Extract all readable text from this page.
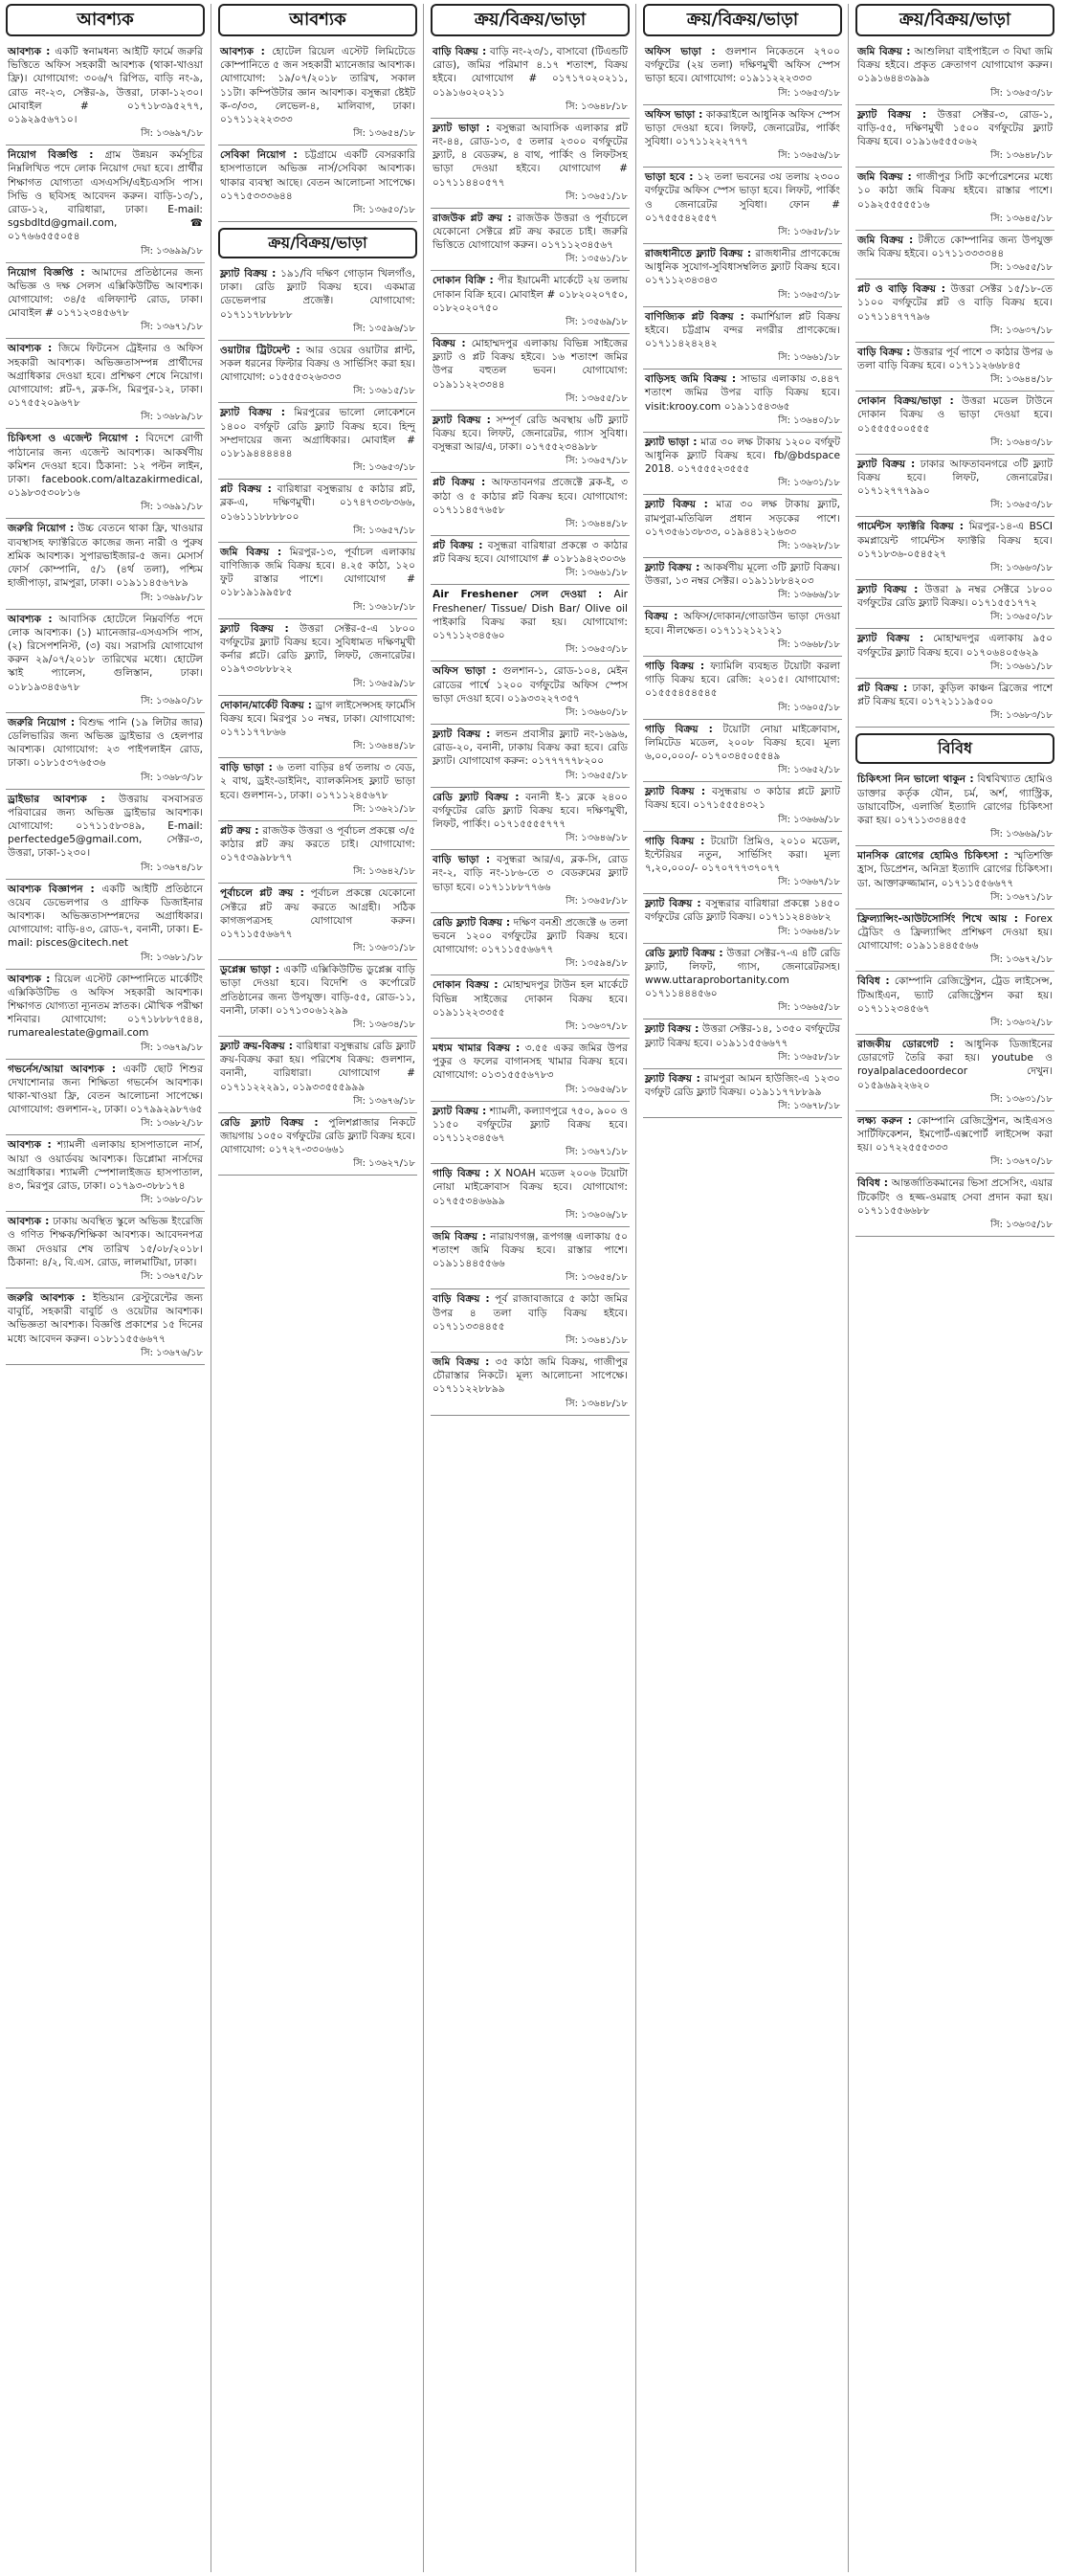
আবশ্যক
আবশ্যক : একটি স্বনামধন্য আইটি ফার্মে জরুরি ভিত্তিতে অফিস সহকারী আবশ্যক (থাকা-খাওয়া ফ্রি)। যোগাযোগ: ৩০৬/৭ রিপিড, বাড়ি নং-৯, রোড নং-২৩, সেক্টর-৯, উত্তরা, ঢাকা-১২৩০। মোবাইল # ০১৭১৮৩৯৫২৭৭, ০১৯২৯৫৬৭১০।
সি: ১৩৬৯৭/১৮
নিয়োগ বিজ্ঞপ্তি : গ্রাম উন্নয়ন কর্মসূচির নিম্নলিখিত পদে লোক নিয়োগ দেয়া হবে। প্রার্থীর শিক্ষাগত যোগ্যতা এসএসসি/এইচএসসি পাস। সিভি ও ছবিসহ আবেদন করুন। বাড়ি-১৩/১, রোড-১২, বারিধারা, ঢাকা। E-mail: sgsbdltd@gmail.com, ☎ ০১৭৬৬৫৫৫০৫৪
সি: ১৩৬৯৯/১৮
নিয়োগ বিজ্ঞপ্তি : আমাদের প্রতিষ্ঠানের জন্য অভিজ্ঞ ও দক্ষ সেলস এক্সিকিউটিভ আবশ্যক। যোগাযোগ: ৩৪/৫ এলিফ্যান্ট রোড, ঢাকা। মোবাইল # ০১৭১২৩৪৫৬৭৮
সি: ১৩৬৭১/১৮
আবশ্যক : জিমে ফিটনেস ট্রেইনার ও অফিস সহকারী আবশ্যক। অভিজ্ঞতাসম্পন্ন প্রার্থীদের অগ্রাধিকার দেওয়া হবে। প্রশিক্ষণ শেষে নিয়োগ। যোগাযোগ: প্লট-৭, ব্লক-সি, মিরপুর-১২, ঢাকা। ০১৭৫৫২০৯৬৭৮
সি: ১৩৬৮৯/১৮
চিকিৎসা ও এজেন্ট নিয়োগ : বিদেশে রোগী পাঠানোর জন্য এজেন্ট আবশ্যক। আকর্ষণীয় কমিশন দেওয়া হবে। ঠিকানা: ১২ পল্টন লাইন, ঢাকা। facebook.com/altazakirmedical, ০১৯৮৩৫৩০৮১৬
সি: ১৩৬৯১/১৮
জরুরি নিয়োগ : উচ্চ বেতনে থাকা ফ্রি, খাওয়ার ব্যবস্থাসহ ফ্যাক্টরিতে কাজের জন্য নারী ও পুরুষ শ্রমিক আবশ্যক। সুপারভাইজার-৫ জন। মেসার্স ফোর্স কোম্পানি, ৫/১ (৪র্থ তলা), পশ্চিম হাজীপাড়া, রামপুরা, ঢাকা। ০১৯১১৪৫৬৭৮৯
সি: ১৩৬৯৮/১৮
আবশ্যক : আবাসিক হোটেলে নিম্নবর্ণিত পদে লোক আবশ্যক। (১) ম্যানেজার-এসএসসি পাস, (২) রিসেপশনিস্ট, (৩) বয়। সরাসরি যোগাযোগ করুন ২৯/০৭/২০১৮ তারিখের মধ্যে। হোটেল স্কাই প্যালেস, গুলিস্তান, ঢাকা। ০১৮১৯৩৪৫৬৭৮
সি: ১৩৬৯০/১৮
জরুরি নিয়োগ : বিশুদ্ধ পানি (১৯ লিটার জার) ডেলিভারির জন্য অভিজ্ঞ ড্রাইভার ও হেলপার আবশ্যক। যোগাযোগ: ২৩ পাইপলাইন রোড, ঢাকা। ০১৮১৫৩৭৬৫৩৬
সি: ১৩৬৮৩/১৮
ড্রাইভার আবশ্যক : উত্তরায় বসবাসরত পরিবারের জন্য অভিজ্ঞ ড্রাইভার আবশ্যক। যোগাযোগ: ০১৭১১৫৮৩৪৯, E-mail: perfectedge5@gmail.com, সেক্টর-৩, উত্তরা, ঢাকা-১২৩০।
সি: ১৩৬৭৪/১৮
আবশ্যক বিজ্ঞাপন : একটি আইটি প্রতিষ্ঠানে ওয়েব ডেভেলপার ও গ্রাফিক ডিজাইনার আবশ্যক। অভিজ্ঞতাসম্পন্নদের অগ্রাধিকার। যোগাযোগ: বাড়ি-৪৩, রোড-৭, বনানী, ঢাকা। E-mail: pisces@citech.net
সি: ১৩৬৮১/১৮
আবশ্যক : রিয়েল এস্টেট কোম্পানিতে মার্কেটিং এক্সিকিউটিভ ও অফিস সহকারী আবশ্যক। শিক্ষাগত যোগ্যতা ন্যূনতম স্নাতক। মৌখিক পরীক্ষা শনিবার। যোগাযোগ: ০১৭১৮৮৮৭৫৪৪, rumarealestate@gmail.com
সি: ১৩৬৭৯/১৮
গভর্নেস/আয়া আবশ্যক : একটি ছোট শিশুর দেখাশোনার জন্য শিক্ষিতা গভর্নেস আবশ্যক। থাকা-খাওয়া ফ্রি, বেতন আলোচনা সাপেক্ষে। যোগাযোগ: গুলশান-২, ঢাকা। ০১৭৯৯২৯৮৭৬৫
সি: ১৩৬৮২/১৮
আবশ্যক : শ্যামলী এলাকায় হাসপাতালে নার্স, আয়া ও ওয়ার্ডবয় আবশ্যক। ডিপ্লোমা নার্সদের অগ্রাধিকার। শ্যামলী স্পেশালাইজড হাসপাতাল, ৪৩, মিরপুর রোড, ঢাকা। ০১৭৯৩-৩৮৮১৭৪
সি: ১৩৬৮০/১৮
আবশ্যক : ঢাকায় অবস্থিত স্কুলে অভিজ্ঞ ইংরেজি ও গণিত শিক্ষক/শিক্ষিকা আবশ্যক। আবেদনপত্র জমা দেওয়ার শেষ তারিখ ১৫/০৮/২০১৮। ঠিকানা: ৪/২, বি.এস. রোড, লালমাটিয়া, ঢাকা।
সি: ১৩৬৭৫/১৮
জরুরি আবশ্যক : ইন্ডিয়ান রেস্টুরেন্টের জন্য বাবুর্চি, সহকারী বাবুর্চি ও ওয়েটার আবশ্যক। অভিজ্ঞতা আবশ্যক। বিজ্ঞপ্তি প্রকাশের ১৫ দিনের মধ্যে আবেদন করুন। ০১৮১১৫৫৬৬৭৭
সি: ১৩৬৭৬/১৮
আবশ্যক
আবশ্যক : হোটেল রিয়েল এস্টেট লিমিটেডে কোম্পানিতে ৫ জন সহকারী ম্যানেজার আবশ্যক। যোগাযোগ: ১৯/০৭/২০১৮ তারিখ, সকাল ১১টা। কম্পিউটার জ্ঞান আবশ্যক। বসুন্ধরা ষ্টেইট ক-৩/৩৩, লেভেল-৪, মালিবাগ, ঢাকা। ০১৭১১২২২৩৩৩
সি: ১৩৬৫৪/১৮
সেবিকা নিয়োগ : চট্টগ্রামে একটি বেসরকারি হাসপাতালে অভিজ্ঞ নার্স/সেবিকা আবশ্যক। থাকার ব্যবস্থা আছে। বেতন আলোচনা সাপেক্ষে। ০১৭১৫৩৩৩৬৪৪
সি: ১৩৬৫০/১৮
ক্রয়/বিক্রয়/ভাড়া
ফ্ল্যাট বিক্রয় : ১৯১/বি দক্ষিণ গোড়ান খিলগাঁও, ঢাকা। রেডি ফ্ল্যাট বিক্রয় হবে। একমাত্র ডেভেলপার প্রজেক্ট। যোগাযোগ: ০১৭১১৭৮৮৮৮৮
সি: ১৩৫৯৬/১৮
ওয়াটার ট্রিটমেন্ট : আর ওয়ের ওয়াটার প্লান্ট, সকল ধরনের ফিল্টার বিক্রয় ও সার্ভিসিং করা হয়। যোগাযোগ: ০১৫৫৫৩২৬৩৩৩
সি: ১৩৬১৫/১৮
ফ্ল্যাট বিক্রয় : মিরপুরের ভালো লোকেশনে ১৪০০ বর্গফুট রেডি ফ্ল্যাট বিক্রয় হবে। হিন্দু সম্প্রদায়ের জন্য অগ্রাধিকার। মোবাইল # ০১৮১৯৪৪৪৪৪৪
সি: ১৩৬৫৩/১৮
প্লট বিক্রয় : বারিধারা বসুন্ধরায় ৫ কাঠার প্লট, ব্লক-এ, দক্ষিণমুখী। ০১৭৪৭৩৩৮৩৬৬, ০১৬১১১৮৮৮৮০০
সি: ১৩৬৫৭/১৮
জমি বিক্রয় : মিরপুর-১৩, পূর্বাচল এলাকায় বাণিজ্যিক জমি বিক্রয় হবে। ৪.২৫ কাঠা, ১২০ ফুট রাস্তার পাশে। যোগাযোগ # ০১৮১৯১৯৯৫৮৫
সি: ১৩৬১৮/১৮
ফ্ল্যাট বিক্রয় : উত্তরা সেক্টর-৫-এ ১৮০০ বর্গফুটের ফ্ল্যাট বিক্রয় হবে। সুবিধামত দক্ষিণমুখী কর্নার প্লটে। রেডি ফ্ল্যাট, লিফট, জেনারেটর। ০১৯৭৩৩৮৮৮২২
সি: ১৩৬৫৯/১৮
দোকান/মার্কেট বিক্রয় : ড্রাগ লাইসেন্সসহ ফার্মেসি বিক্রয় হবে। মিরপুর ১০ নম্বর, ঢাকা। যোগাযোগ: ০১৭১১৭৭৮৬৬
সি: ১৩৬৪৪/১৮
বাড়ি ভাড়া : ৬ তলা বাড়ির ৪র্থ তলায় ৩ বেড, ২ বাথ, ড্রইং-ডাইনিং, ব্যালকনিসহ ফ্ল্যাট ভাড়া হবে। গুলশান-১, ঢাকা। ০১৭১১২৪৫৬৭৮
সি: ১৩৬২১/১৮
প্লট ক্রয় : রাজউক উত্তরা ও পূর্বাচল প্রকল্পে ৩/৫ কাঠার প্লট ক্রয় করতে চাই। যোগাযোগ: ০১৭৫৩৯৯৮৮৭৭
সি: ১৩৬৪২/১৮
পূর্বাচলে প্লট ক্রয় : পূর্বাচল প্রকল্পে যেকোনো সেক্টরে প্লট ক্রয় করতে আগ্রহী। সঠিক কাগজপত্রসহ যোগাযোগ করুন। ০১৭১১৫৫৬৬৭৭
সি: ১৩৬৩১/১৮
ডুপ্লেক্স ভাড়া : একটি এক্সিকিউটিভ ডুপ্লেক্স বাড়ি ভাড়া দেওয়া হবে। বিদেশি ও কর্পোরেট প্রতিষ্ঠানের জন্য উপযুক্ত। বাড়ি-৫৫, রোড-১১, বনানী, ঢাকা। ০১৭১৩০৬১২৯৯
সি: ১৩৬৩৪/১৮
ফ্ল্যাট ক্রয়-বিক্রয় : বারিধারা বসুন্ধরায় রেডি ফ্ল্যাট ক্রয়-বিক্রয় করা হয়। পরিশেষ বিক্রয়: গুলশান, বনানী, বারিধারা। যোগাযোগ # ০১৭১১২২২৯১, ০১৯৩৩৫৫৫৯৯৯
সি: ১৩৬৭৬/১৮
রেডি ফ্ল্যাট বিক্রয় : পুলিশপ্লাজার নিকটে জায়গায় ১০৫০ বর্গফুটের রেডি ফ্ল্যাট বিক্রয় হবে। যোগাযোগ: ০১৭২৭-৩৩০৬৬১
সি: ১৩৬২৭/১৮
ক্রয়/বিক্রয়/ভাড়া
বাড়ি বিক্রয় : বাড়ি নং-২৩/১, বাসাবো (টিএন্ডটি রোড), জমির পরিমাণ ৪.১৭ শতাংশ, বিক্রয় হইবে। যোগাযোগ # ০১৭১৭০২০২১১, ০১৯১৬০২০২১১
সি: ১৩৬৪৮/১৮
ফ্ল্যাট ভাড়া : বসুন্ধরা আবাসিক এলাকার প্লট নং-৪৪, রোড-১৩, ৫ তলার ২৩০০ বর্গফুটের ফ্ল্যাট, ৪ বেডরুম, ৪ বাথ, পার্কিং ও লিফটসহ ভাড়া দেওয়া হইবে। যোগাযোগ # ০১৭১১৪৪০৫৭৭
সি: ১৩৬৫১/১৮
রাজউক প্লট ক্রয় : রাজউক উত্তরা ও পূর্বাচলে যেকোনো সেক্টরে প্লট ক্রয় করতে চাই। জরুরি ভিত্তিতে যোগাযোগ করুন। ০১৭১১২৩৪৫৬৭
সি: ১৩৫৬১/১৮
দোকান বিক্রি : পীর ইয়ামেনী মার্কেটে ২য় তলায় দোকান বিক্রি হবে। মোবাইল # ০১৮২০২০৭৫০, ০১৮২০২০৭৫০
সি: ১৩৫৬৯/১৮
বিক্রয় : মোহাম্মদপুর এলাকায় বিভিন্ন সাইজের ফ্ল্যাট ও প্লট বিক্রয় হইবে। ১৬ শতাংশ জমির উপর বহুতল ভবন। যোগাযোগ: ০১৯১১২২৩৩৪৪
সি: ১৩৬৫৫/১৮
ফ্ল্যাট বিক্রয় : সম্পূর্ণ রেডি অবস্থায় ৬টি ফ্ল্যাট বিক্রয় হবে। লিফট, জেনারেটর, গ্যাস সুবিধা। বসুন্ধরা আর/এ, ঢাকা। ০১৭৫৫২৩৪৯৮৮
সি: ১৩৬৫৭/১৮
প্লট বিক্রয় : আফতাবনগর প্রজেক্টে ব্লক-ই, ৩ কাঠা ও ৫ কাঠার প্লট বিক্রয় হবে। যোগাযোগ: ০১৭১১৪৫৭৬৫৮
সি: ১৩৬৪৪/১৮
প্লট বিক্রয় : বসুন্ধরা বারিধারা প্রকল্পে ৩ কাঠার প্লট বিক্রয় হবে। যোগাযোগ # ০১৮১৯৪২৩০৩৬
সি: ১৩৬৬১/১৮
Air Freshener সেল দেওয়া : Air Freshener/ Tissue/ Dish Bar/ Olive oil পাইকারি বিক্রয় করা হয়। যোগাযোগ: ০১৭১১২৩৪৫৬০
সি: ১৩৬৫৩/১৮
অফিস ভাড়া : গুলশান-১, রোড-১০৪, মেইন রোডের পার্শ্বে ১২০০ বর্গফুটের অফিস স্পেস ভাড়া দেওয়া হবে। ০১৯৩৩২২৭৩৫৭
সি: ১৩৬৬০/১৮
ফ্ল্যাট বিক্রয় : লন্ডন প্রবাসীর ফ্ল্যাট নং-১৬৯৬, রোড-২০, বনানী, ঢাকায় বিক্রয় করা হবে। রেডি ফ্ল্যাট। যোগাযোগ করুন: ০১৭৭৭৭৭৮২০০
সি: ১৩৬৫৫/১৮
রেডি ফ্ল্যাট বিক্রয় : বনানী ই-১ ব্লকে ২৪০০ বর্গফুটের রেডি ফ্ল্যাট বিক্রয় হবে। দক্ষিণমুখী, লিফট, পার্কিং। ০১৭১৫৫৫৫৭৭৭
সি: ১৩৬৪৬/১৮
বাড়ি ভাড়া : বসুন্ধরা আর/এ, ব্লক-সি, রোড নং-২, বাড়ি নং-১৮৬-তে ৩ বেডরুমের ফ্ল্যাট ভাড়া হবে। ০১৭১১৮৮৭৭৬৬
সি: ১৩৬৫৮/১৮
রেডি ফ্ল্যাট বিক্রয় : দক্ষিণ বনশ্রী প্রজেক্টে ৬ তলা ভবনে ১২০০ বর্গফুটের ফ্ল্যাট বিক্রয় হবে। যোগাযোগ: ০১৭১১৫৫৬৬৭৭
সি: ১৩৫৯৪/১৮
দোকান বিক্রয় : মোহাম্মদপুর টাউন হল মার্কেটে বিভিন্ন সাইজের দোকান বিক্রয় হবে। ০১৯১১২২৩৩৫৫
সি: ১৩৬৩৭/১৮
মধ্যম খামার বিক্রয় : ৩.৫৫ একর জমির উপর পুকুর ও ফলের বাগানসহ খামার বিক্রয় হবে। যোগাযোগ: ০১৩১৫৫৫৬৭৮৩
সি: ১৩৬৫৬/১৮
ফ্ল্যাট বিক্রয় : শ্যামলী, কল্যাণপুরে ৭৫০, ৯০০ ও ১১৫০ বর্গফুটের ফ্ল্যাট বিক্রয় হবে। ০১৭১১২৩৪৫৬৭
সি: ১৩৬৭১/১৮
গাড়ি বিক্রয় : X NOAH মডেল ২০০৬ টয়োটা নোয়া মাইক্রোবাস বিক্রয় হবে। যোগাযোগ: ০১৭৫৫৩৪৬৬৯৯
সি: ১৩৬০৬/১৮
জমি বিক্রয় : নারায়ণগঞ্জ, রূপগঞ্জ এলাকায় ৫০ শতাংশ জমি বিক্রয় হবে। রাস্তার পাশে। ০১৯১১৪৪৫৫৬৬
সি: ১৩৬৫৪/১৮
বাড়ি বিক্রয় : পূর্ব রাজাবাজারে ৫ কাঠা জমির উপর ৪ তলা বাড়ি বিক্রয় হইবে। ০১৭১১৩৩৪৪৫৫
সি: ১৩৬৪১/১৮
জমি বিক্রয় : ৩৫ কাঠা জমি বিক্রয়, গাজীপুর চৌরাস্তার নিকটে। মূল্য আলোচনা সাপেক্ষে। ০১৭১১২২৮৮৯৯
সি: ১৩৬৪৮/১৮
ক্রয়/বিক্রয়/ভাড়া
অফিস ভাড়া : গুলশান নিকেতনে ২৭০০ বর্গফুটের (২য় তলা) দক্ষিণমুখী অফিস স্পেস ভাড়া হবে। যোগাযোগ: ০১৯১১২২২৩৩৩
সি: ১৩৬৫৩/১৮
অফিস ভাড়া : কাকরাইলে আধুনিক অফিস স্পেস ভাড়া দেওয়া হবে। লিফট, জেনারেটর, পার্কিং সুবিধা। ০১৭১১২২২৭৭৭
সি: ১৩৬৫৬/১৮
ভাড়া হবে : ১২ তলা ভবনের ৩য় তলায় ২৩০০ বর্গফুটের অফিস স্পেস ভাড়া হবে। লিফট, পার্কিং ও জেনারেটর সুবিধা। ফোন # ০১৭৫৫৫৪২৫৫৭
সি: ১৩৬৫৮/১৮
রাজধানীতে ফ্ল্যাট বিক্রয় : রাজধানীর প্রাণকেন্দ্রে আধুনিক সুযোগ-সুবিধাসম্বলিত ফ্ল্যাট বিক্রয় হবে। ০১৭১১২৩৪৩৪৩
সি: ১৩৬৫৩/১৮
বাণিজ্যিক প্লট বিক্রয় : কমার্শিয়াল প্লট বিক্রয় হইবে। চট্টগ্রাম বন্দর নগরীর প্রাণকেন্দ্রে। ০১৭১১৪২৪২৪২
সি: ১৩৬৬১/১৮
বাড়িসহ জমি বিক্রয় : সাভার এলাকায় ৩.৪৪৭ শতাংশ জমির উপর বাড়ি বিক্রয় হবে। visit:krooy.com ০১৯১১৫৪৩৬৫
সি: ১৩৬৪০/১৮
ফ্ল্যাট ভাড়া : মাত্র ৩০ লক্ষ টাকায় ১২০০ বর্গফুট আধুনিক ফ্ল্যাট বিক্রয় হবে। fb/@bdspace 2018. ০১৭৫৫৫২৩৫৫৫
সি: ১৩৬৩১/১৮
ফ্ল্যাট বিক্রয় : মাত্র ৩০ লক্ষ টাকায় ফ্ল্যাট, রামপুরা-মতিঝিল প্রধান সড়কের পাশে। ০১৭৩৫৬১৩৮৩৩, ০১৯৪৪১২১৬৩৩
সি: ১৩৬২৮/১৮
ফ্ল্যাট বিক্রয় : আকর্ষণীয় মূল্যে ৩টি ফ্ল্যাট বিক্রয়। উত্তরা, ১৩ নম্বর সেক্টর। ০১৯১১৮৮৪২০৩
সি: ১৩৬৬৬/১৮
বিক্রয় : অফিস/দোকান/গোডাউন ভাড়া দেওয়া হবে। নীলক্ষেত। ০১৭১১২১২১২১
সি: ১৩৬৬৮/১৮
গাড়ি বিক্রয় : ফ্যামিলি ব্যবহৃত টয়োটা করলা গাড়ি বিক্রয় হবে। রেজি: ২০১৫। যোগাযোগ: ০১৫৫৫৪৫৪৫৪৫
সি: ১৩৬০৫/১৮
গাড়ি বিক্রয় : টয়োটা নোয়া মাইক্রোবাস, লিমিটেড মডেল, ২০০৮ বিক্রয় হবে। মূল্য ৬,০০,০০০/- ০১৭০৩৪৫০৫৫৪৯
সি: ১৩৬৫২/১৮
ফ্ল্যাট বিক্রয় : বসুন্ধরায় ৩ কাঠার প্লটে ফ্ল্যাট বিক্রয় হবে। ০১৭১৫৫৫৪৩২১
সি: ১৩৬৬৬/১৮
গাড়ি বিক্রয় : টয়োটা প্রিমিও, ২০১০ মডেল, ইন্টেরিয়র নতুন, সার্ভিসিং করা। মূল্য ৭,২০,০০০/- ০১৭০৭৭৭৩৭০৭৭
সি: ১৩৬৬৭/১৮
ফ্ল্যাট বিক্রয় : বসুন্ধরার বারিধারা প্রকল্পে ১৪৫০ বর্গফুটের রেডি ফ্ল্যাট বিক্রয়। ০১৭১১২৪৪৬৮২
সি: ১৩৬৬৪/১৮
রেডি ফ্ল্যাট বিক্রয় : উত্তরা সেক্টর-৭-এ ৪টি রেডি ফ্ল্যাট, লিফট, গ্যাস, জেনারেটরসহ। www.uttaraprobortanity.com ০১৭১১৪৪৪৫৬০
সি: ১৩৬৬৫/১৮
ফ্ল্যাট বিক্রয় : উত্তরা সেক্টর-১৪, ১৩৫০ বর্গফুটের ফ্ল্যাট বিক্রয় হবে। ০১৯১১৫৫৬৬৭৭
সি: ১৩৬৫৮/১৮
ফ্ল্যাট বিক্রয় : রামপুরা আমন হাউজিং-এ ১২৩০ বর্গফুট রেডি ফ্ল্যাট বিক্রয়। ০১৯১১৭৭৮৮৯৯
সি: ১৩৬৭৮/১৮
ক্রয়/বিক্রয়/ভাড়া
জমি বিক্রয় : আশুলিয়া বাইপাইলে ৩ বিঘা জমি বিক্রয় হইবে। প্রকৃত ক্রেতাগণ যোগাযোগ করুন। ০১৯১৬৪৪৩৯৯৯
সি: ১৩৬৫৩/১৮
ফ্ল্যাট বিক্রয় : উত্তরা সেক্টর-৩, রোড-১, বাড়ি-৫৫, দক্ষিণমুখী ১৫০০ বর্গফুটের ফ্ল্যাট বিক্রয় হবে। ০১৯১৬৫৫৫০৬২
সি: ১৩৬৪৮/১৮
জমি বিক্রয় : গাজীপুর সিটি কর্পোরেশনের মধ্যে ১০ কাঠা জমি বিক্রয় হইবে। রাস্তার পাশে। ০১৯২৫৫৫৫৫১৬
সি: ১৩৬৪৫/১৮
জমি বিক্রয় : টঙ্গীতে কোম্পানির জন্য উপযুক্ত জমি বিক্রয় হইবে। ০১৭১১৩৩৩৩৪৪
সি: ১৩৬৫৫/১৮
প্লট ও বাড়ি বিক্রয় : উত্তরা সেক্টর ১৫/১৮-তে ১১০০ বর্গফুটের প্লট ও বাড়ি বিক্রয় হবে। ০১৭১১৪৭৭৭৯৬
সি: ১৩৬৩৭/১৮
বাড়ি বিক্রয় : উত্তরার পূর্ব পাশে ৩ কাঠার উপর ৬ তলা বাড়ি বিক্রয় হবে। ০১৭১১২৬৬৮৪৫
সি: ১৩৬৪৪/১৮
দোকান বিক্রয়/ভাড়া : উত্তরা মডেল টাউনে দোকান বিক্রয় ও ভাড়া দেওয়া হবে। ০১৫৫৫৫০০৫৫৫
সি: ১৩৬৪৩/১৮
ফ্ল্যাট বিক্রয় : ঢাকার আফতাবনগরে ৩টি ফ্ল্যাট বিক্রয় হবে। লিফট, জেনারেটর। ০১৭১২৭৭৭৯৯০
সি: ১৩৬৫৩/১৮
গার্মেন্টস ফ্যাক্টরি বিক্রয় : মিরপুর-১৪-এ BSCI কমপ্লায়েন্ট গার্মেন্টস ফ্যাক্টরি বিক্রয় হবে। ০১৭১৮৩৬-০৫৪৫২৭
সি: ১৩৬৬৩/১৮
ফ্ল্যাট বিক্রয় : উত্তরা ৯ নম্বর সেক্টরে ১৮০০ বর্গফুটের রেডি ফ্ল্যাট বিক্রয়। ০১৭১৫৫১৭৭২
সি: ১৩৬৫০/১৮
ফ্ল্যাট বিক্রয় : মোহাম্মদপুর এলাকায় ৯৫০ বর্গফুটের ফ্ল্যাট বিক্রয় হবে। ০১৭০৬৪০৫৬২৯
সি: ১৩৬৬১/১৮
প্লট বিক্রয় : ঢাকা, কুড়িল কাঞ্চন ব্রিজের পাশে প্লট বিক্রয় হবে। ০১৭২১১১৯৫০০
সি: ১৩৬৮৩/১৮
বিবিধ
চিকিৎসা নিন ভালো থাকুন : বিশ্ববিখ্যাত হোমিও ডাক্তার কর্তৃক যৌন, চর্ম, অর্শ, গ্যাস্ট্রিক, ডায়াবেটিস, এলার্জি ইত্যাদি রোগের চিকিৎসা করা হয়। ০১৭১১৩৩৪৪৫৫
সি: ১৩৬৬৯/১৮
মানসিক রোগের হোমিও চিকিৎসা : স্মৃতিশক্তি হ্রাস, ডিপ্রেশন, অনিদ্রা ইত্যাদি রোগের চিকিৎসা। ডা. আক্তারুজ্জামান, ০১৭১১৫৫৬৬৭৭
সি: ১৩৬৭১/১৮
ফ্রিল্যান্সিং-আউটসোর্সিং শিখে আয় : Forex ট্রেডিং ও ফ্রিল্যান্সিং প্রশিক্ষণ দেওয়া হয়। যোগাযোগ: ০১৯১১৪৪৫৫৬৬
সি: ১৩৬৭২/১৮
বিবিধ : কোম্পানি রেজিস্ট্রেশন, ট্রেড লাইসেন্স, টিআইএন, ভ্যাট রেজিস্ট্রেশন করা হয়। ০১৭১১২৩৪৫৬৭
সি: ১৩৬৩২/১৮
রাজকীয় ডোরগেট : আধুনিক ডিজাইনের ডোরগেট তৈরি করা হয়। youtube ও royalpalacedoordecor দেখুন। ০১৫৯৬৯২২৬২০
সি: ১৩৬৩১/১৮
লক্ষ্য করুন : কোম্পানি রেজিস্ট্রেশন, আইএসও সার্টিফিকেশন, ইমপোর্ট-এক্সপোর্ট লাইসেন্স করা হয়। ০১৭২২৫৫৫৩৩৩
সি: ১৩৬৭০/১৮
বিবিধ : আন্তর্জাতিকমানের ভিসা প্রসেসিং, এয়ার টিকেটিং ও হজ্জ-ওমরাহ সেবা প্রদান করা হয়। ০১৭১১৫৫৬৬৮৮
সি: ১৩৬৩৫/১৮
